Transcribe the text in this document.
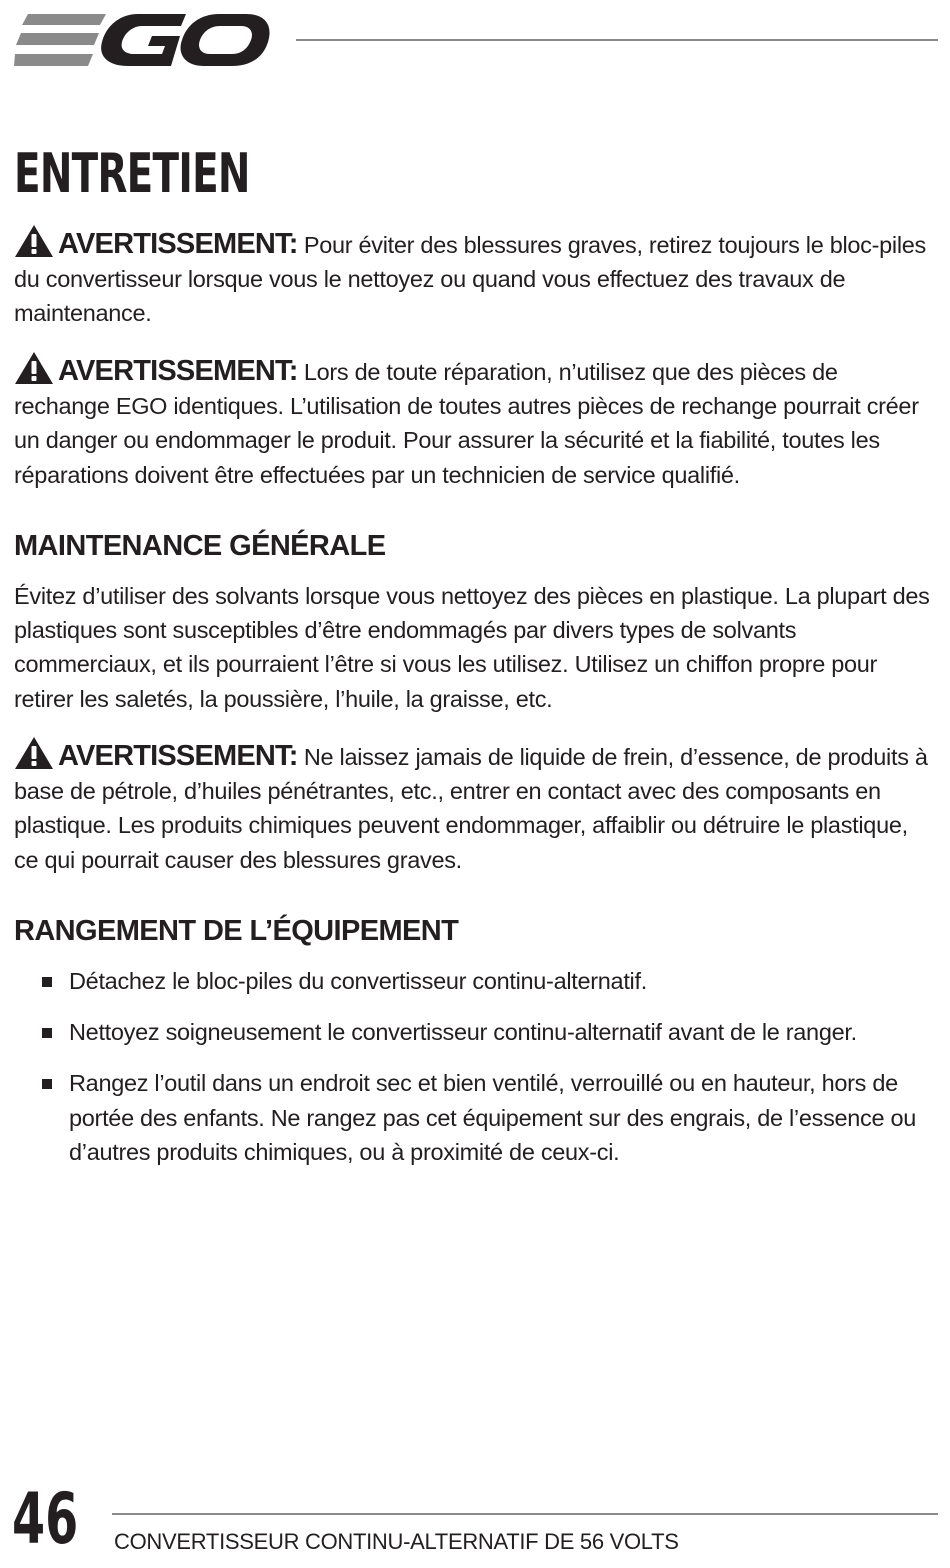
ENTRETIEN

AVERTISSEMENT: Pour éviter des blessures graves, retirez toujours le bloc-piles du convertisseur lorsque vous le nettoyez ou quand vous effectuez des travaux de maintenance.

AVERTISSEMENT: Lors de toute réparation, n’utilisez que des pièces de rechange EGO identiques. L’utilisation de toutes autres pièces de rechange pourrait créer un danger ou endommager le produit. Pour assurer la sécurité et la fiabilité, toutes les réparations doivent être effectuées par un technicien de service qualifié.

MAINTENANCE GÉNÉRALE

Évitez d’utiliser des solvants lorsque vous nettoyez des pièces en plastique. La plupart des plastiques sont susceptibles d’être endommagés par divers types de solvants commerciaux, et ils pourraient l’être si vous les utilisez. Utilisez un chiffon propre pour retirer les saletés, la poussière, l’huile, la graisse, etc.

AVERTISSEMENT: Ne laissez jamais de liquide de frein, d’essence, de produits à base de pétrole, d’huiles pénétrantes, etc., entrer en contact avec des composants en plastique. Les produits chimiques peuvent endommager, affaiblir ou détruire le plastique, ce qui pourrait causer des blessures graves.

RANGEMENT DE L’ÉQUIPEMENT
Détachez le bloc-piles du convertisseur continu-alternatif.
Nettoyez soigneusement le convertisseur continu-alternatif avant de le ranger.
Rangez l’outil dans un endroit sec et bien ventilé, verrouillé ou en hauteur, hors de portée des enfants. Ne rangez pas cet équipement sur des engrais, de l’essence ou d’autres produits chimiques, ou à proximité de ceux-ci.
46 CONVERTISSEUR CONTINU-ALTERNATIF DE 56 VOLTS
